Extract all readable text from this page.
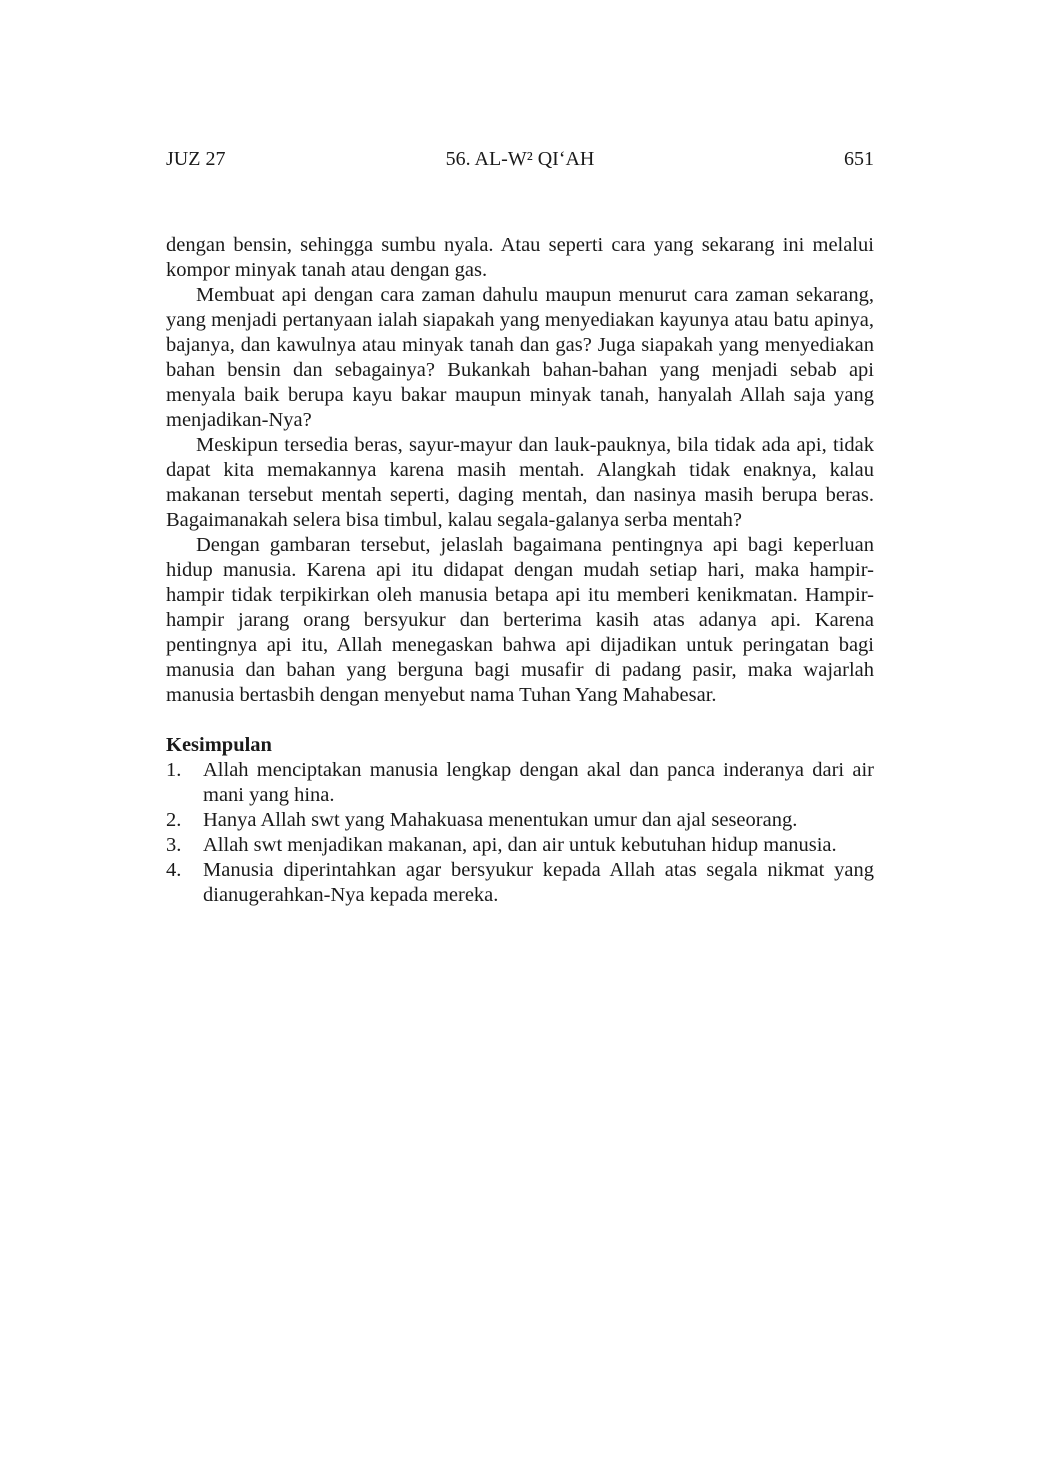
JUZ 27	56. AL-W² QI‘AH	651

dengan bensin, sehingga sumbu nyala. Atau seperti cara yang sekarang ini melalui kompor minyak tanah atau dengan gas.

Membuat api dengan cara zaman dahulu maupun menurut cara zaman sekarang, yang menjadi pertanyaan ialah siapakah yang menyediakan kayunya atau batu apinya, bajanya, dan kawulnya atau minyak tanah dan gas? Juga siapakah yang menyediakan bahan bensin dan sebagainya? Bukankah bahan-bahan yang menjadi sebab api menyala baik berupa kayu bakar maupun minyak tanah, hanyalah Allah saja yang menjadikan-Nya?

Meskipun tersedia beras, sayur-mayur dan lauk-pauknya, bila tidak ada api, tidak dapat kita memakannya karena masih mentah. Alangkah tidak enaknya, kalau makanan tersebut mentah seperti, daging mentah, dan nasinya masih berupa beras. Bagaimanakah selera bisa timbul, kalau segala-galanya serba mentah?

Dengan gambaran tersebut, jelaslah bagaimana pentingnya api bagi keperluan hidup manusia. Karena api itu didapat dengan mudah setiap hari, maka hampir-hampir tidak terpikirkan oleh manusia betapa api itu memberi kenikmatan. Hampir-hampir jarang orang bersyukur dan berterima kasih atas adanya api. Karena pentingnya api itu, Allah menegaskan bahwa api dijadikan untuk peringatan bagi manusia dan bahan yang berguna bagi musafir di padang pasir, maka wajarlah manusia bertasbih dengan menyebut nama Tuhan Yang Mahabesar.

Kesimpulan
1. Allah menciptakan manusia lengkap dengan akal dan panca inderanya dari air mani yang hina.
2. Hanya Allah swt yang Mahakuasa menentukan umur dan ajal seseorang.
3. Allah swt menjadikan makanan, api, dan air untuk kebutuhan hidup manusia.
4. Manusia diperintahkan agar bersyukur kepada Allah atas segala nikmat yang dianugerahkan-Nya kepada mereka.
